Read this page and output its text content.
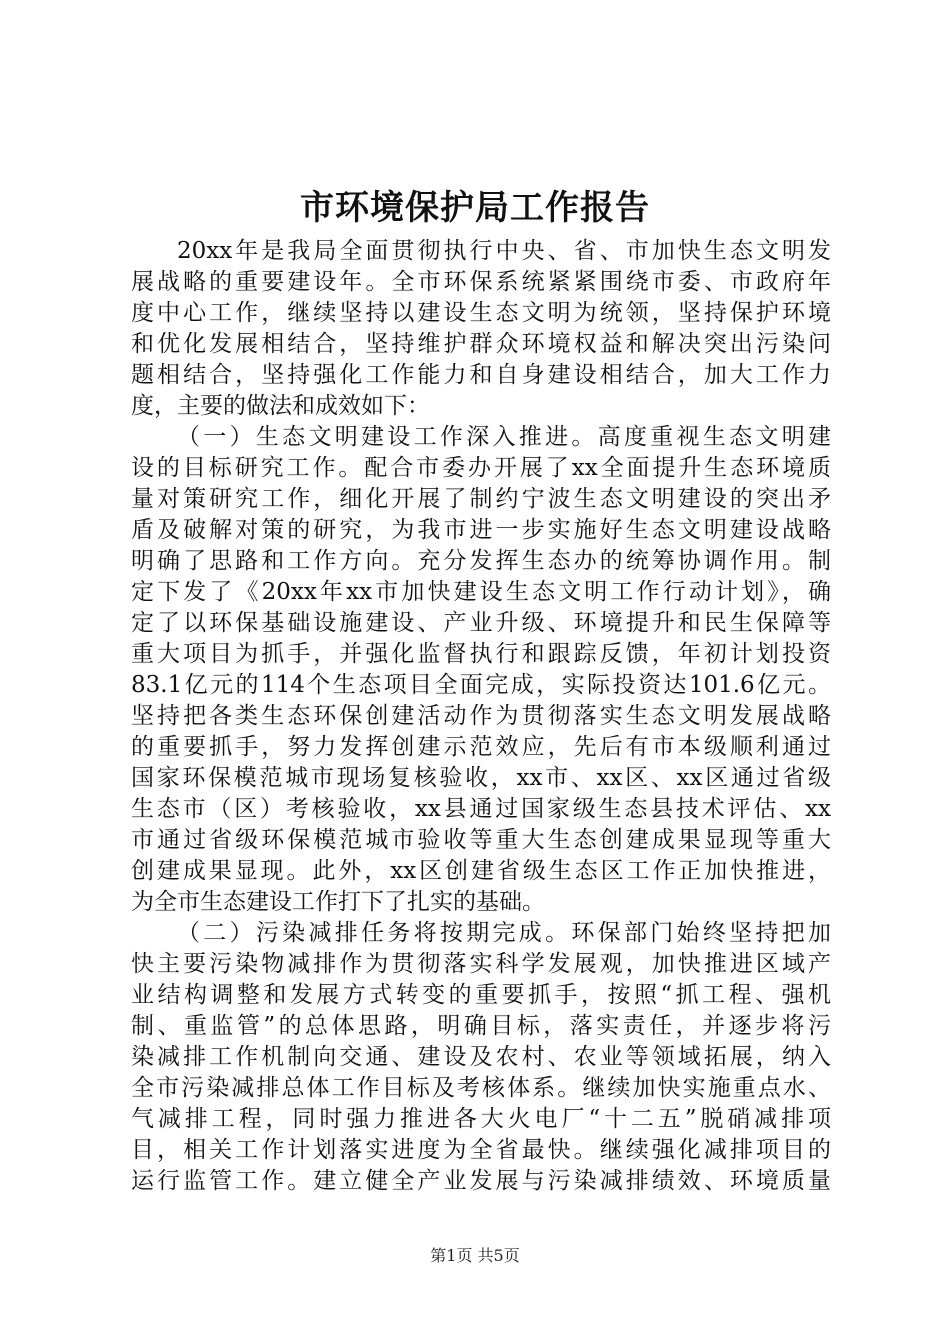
市环境保护局工作报告
20xx年是我局全面贯彻执行中央、省、市加快生态文明发
展战略的重要建设年。全市环保系统紧紧围绕市委、市政府年
度中心工作，继续坚持以建设生态文明为统领，坚持保护环境
和优化发展相结合，坚持维护群众环境权益和解决突出污染问
题相结合，坚持强化工作能力和自身建设相结合，加大工作力
度，主要的做法和成效如下：
（一）生态文明建设工作深入推进。高度重视生态文明建
设的目标研究工作。配合市委办开展了xx全面提升生态环境质
量对策研究工作，细化开展了制约宁波生态文明建设的突出矛
盾及破解对策的研究，为我市进一步实施好生态文明建设战略
明确了思路和工作方向。充分发挥生态办的统筹协调作用。制
定下发了《20xx年xx市加快建设生态文明工作行动计划》，确
定了以环保基础设施建设、产业升级、环境提升和民生保障等
重大项目为抓手，并强化监督执行和跟踪反馈，年初计划投资
83.1亿元的114个生态项目全面完成，实际投资达101.6亿元。
坚持把各类生态环保创建活动作为贯彻落实生态文明发展战略
的重要抓手，努力发挥创建示范效应，先后有市本级顺利通过
国家环保模范城市现场复核验收，xx市、xx区、xx区通过省级
生态市（区）考核验收，xx县通过国家级生态县技术评估、xx
市通过省级环保模范城市验收等重大生态创建成果显现等重大
创建成果显现。此外，xx区创建省级生态区工作正加快推进，
为全市生态建设工作打下了扎实的基础。
（二）污染减排任务将按期完成。环保部门始终坚持把加
快主要污染物减排作为贯彻落实科学发展观，加快推进区域产
业结构调整和发展方式转变的重要抓手，按照“抓工程、强机
制、重监管”的总体思路，明确目标，落实责任，并逐步将污
染减排工作机制向交通、建设及农村、农业等领域拓展，纳入
全市污染减排总体工作目标及考核体系。继续加快实施重点水、
气减排工程，同时强力推进各大火电厂“十二五”脱硝减排项
目，相关工作计划落实进度为全省最快。继续强化减排项目的
运行监管工作。建立健全产业发展与污染减排绩效、环境质量
第1页 共5页
